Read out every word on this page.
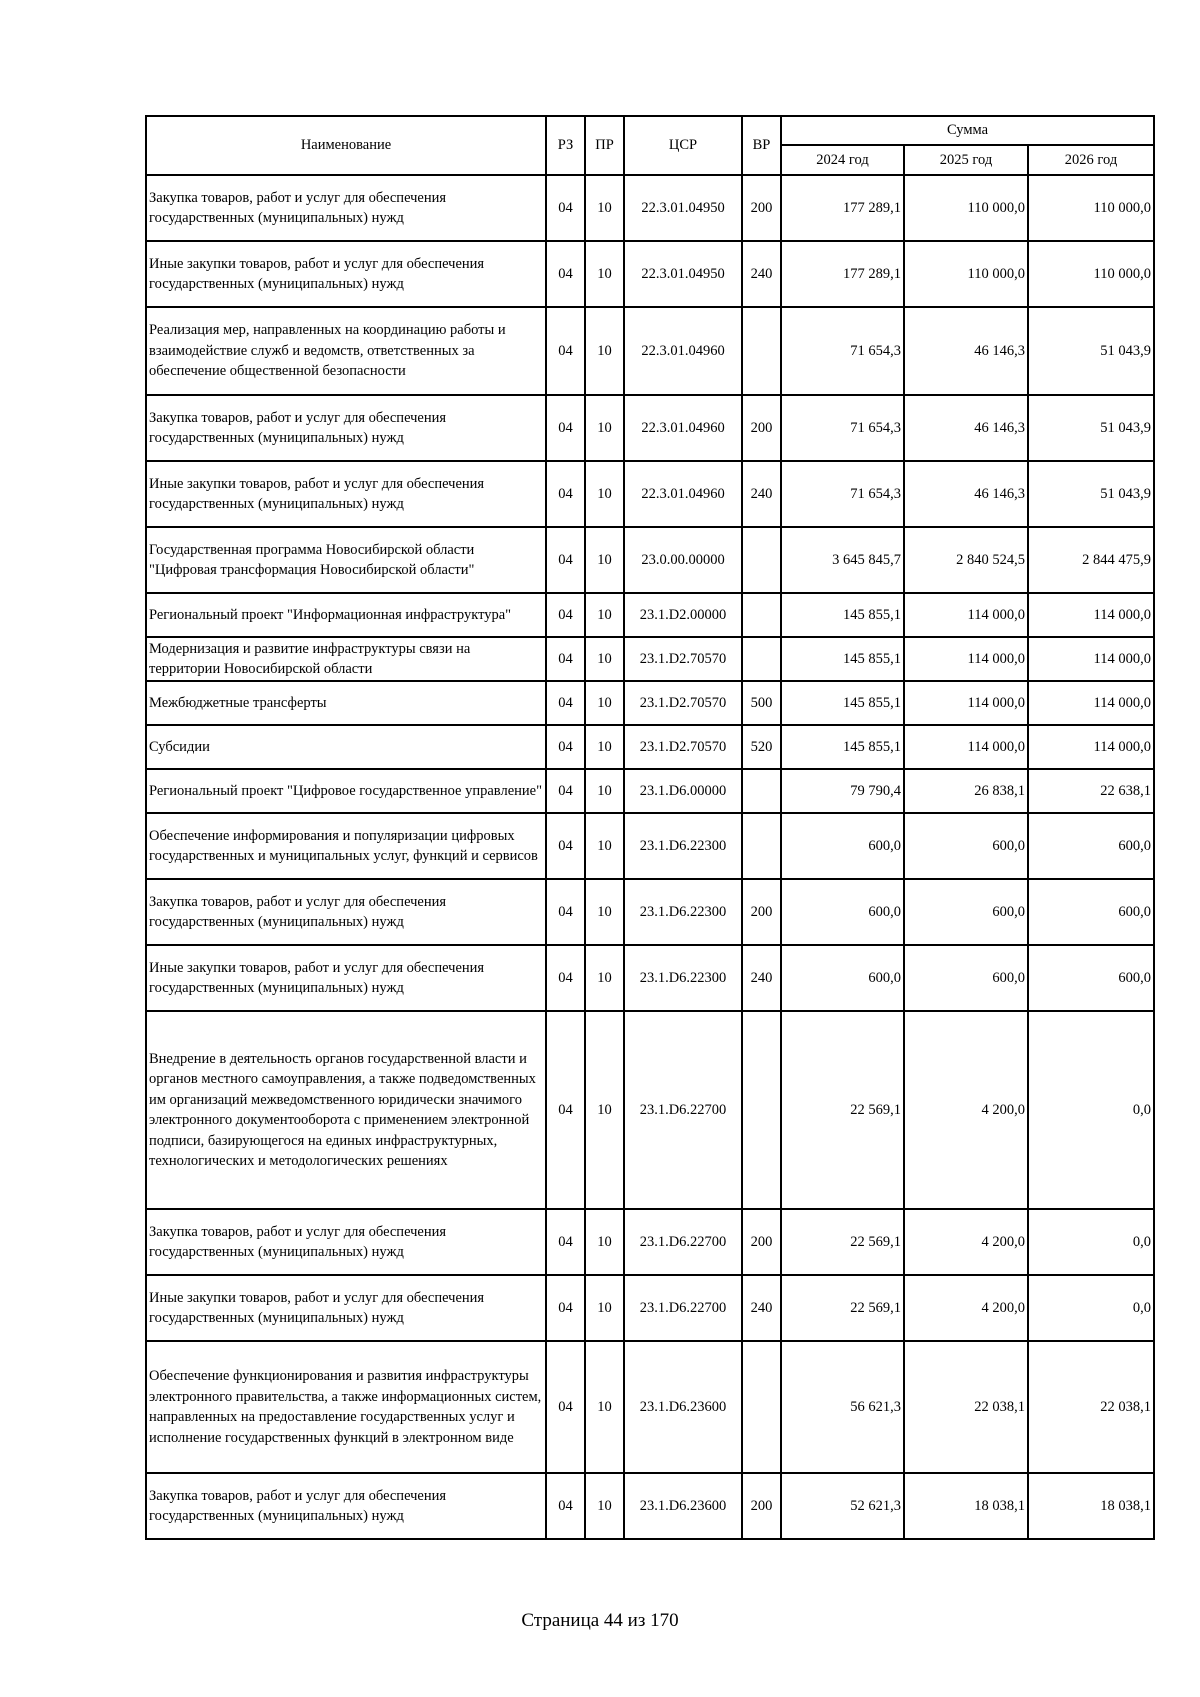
Наименование	РЗ	ПР	ЦСР	ВР	Сумма		
					2024 год	2025 год	2026 год
Закупка товаров, работ и услуг для обеспечения государственных (муниципальных) нужд	04	10	22.3.01.04950	200	177 289,1	110 000,0	110 000,0
Иные закупки товаров, работ и услуг для обеспечения государственных (муниципальных) нужд	04	10	22.3.01.04950	240	177 289,1	110 000,0	110 000,0
Реализация мер, направленных на координацию работы и взаимодействие служб и ведомств, ответственных за обеспечение общественной безопасности	04	10	22.3.01.04960		71 654,3	46 146,3	51 043,9
Закупка товаров, работ и услуг для обеспечения государственных (муниципальных) нужд	04	10	22.3.01.04960	200	71 654,3	46 146,3	51 043,9
Иные закупки товаров, работ и услуг для обеспечения государственных (муниципальных) нужд	04	10	22.3.01.04960	240	71 654,3	46 146,3	51 043,9
Государственная программа Новосибирской области "Цифровая трансформация Новосибирской области"	04	10	23.0.00.00000		3 645 845,7	2 840 524,5	2 844 475,9
Региональный проект "Информационная инфраструктура"	04	10	23.1.D2.00000		145 855,1	114 000,0	114 000,0
Модернизация и развитие инфраструктуры связи на территории Новосибирской области	04	10	23.1.D2.70570		145 855,1	114 000,0	114 000,0
Межбюджетные трансферты	04	10	23.1.D2.70570	500	145 855,1	114 000,0	114 000,0
Субсидии	04	10	23.1.D2.70570	520	145 855,1	114 000,0	114 000,0
Региональный проект "Цифровое государственное управление"	04	10	23.1.D6.00000		79 790,4	26 838,1	22 638,1
Обеспечение информирования и популяризации цифровых государственных и муниципальных услуг, функций и сервисов	04	10	23.1.D6.22300		600,0	600,0	600,0
Закупка товаров, работ и услуг для обеспечения государственных (муниципальных) нужд	04	10	23.1.D6.22300	200	600,0	600,0	600,0
Иные закупки товаров, работ и услуг для обеспечения государственных (муниципальных) нужд	04	10	23.1.D6.22300	240	600,0	600,0	600,0
Внедрение в деятельность органов государственной власти и органов местного самоуправления, а также подведомственных им организаций межведомственного юридически значимого электронного документооборота с применением электронной подписи, базирующегося на единых инфраструктурных, технологических и методологических решениях	04	10	23.1.D6.22700		22 569,1	4 200,0	0,0
Закупка товаров, работ и услуг для обеспечения государственных (муниципальных) нужд	04	10	23.1.D6.22700	200	22 569,1	4 200,0	0,0
Иные закупки товаров, работ и услуг для обеспечения государственных (муниципальных) нужд	04	10	23.1.D6.22700	240	22 569,1	4 200,0	0,0
Обеспечение функционирования и развития инфраструктуры электронного правительства, а также информационных систем, направленных на предоставление государственных услуг и исполнение государственных функций в электронном виде	04	10	23.1.D6.23600		56 621,3	22 038,1	22 038,1
Закупка товаров, работ и услуг для обеспечения государственных (муниципальных) нужд	04	10	23.1.D6.23600	200	52 621,3	18 038,1	18 038,1
Страница 44 из 170
